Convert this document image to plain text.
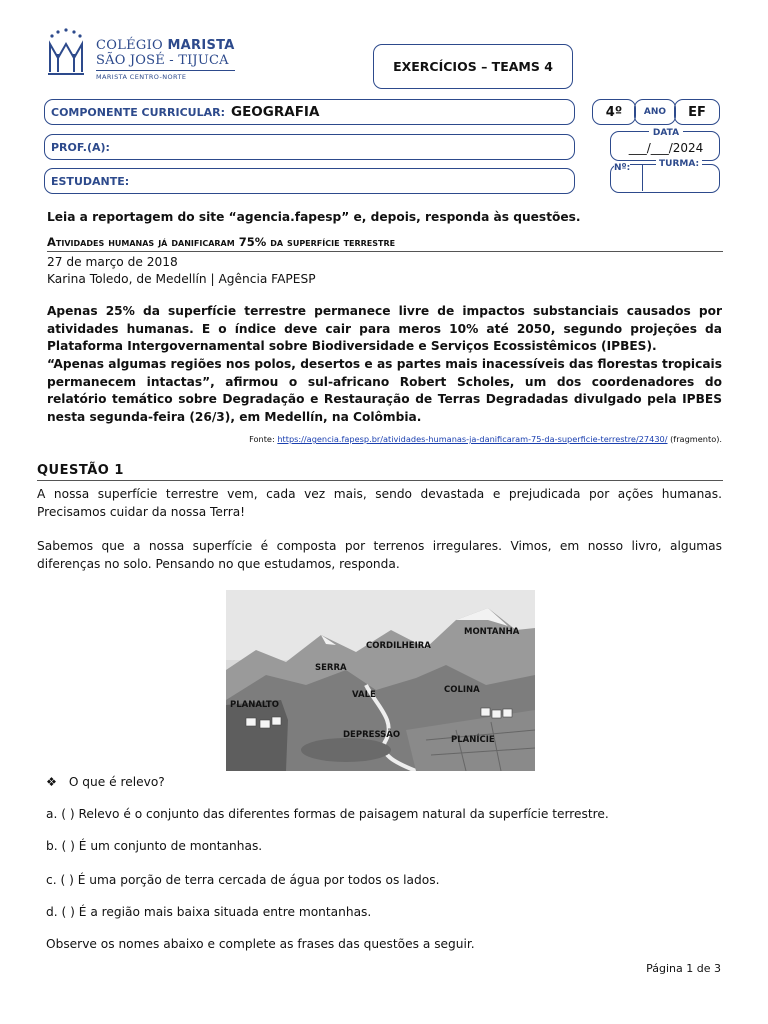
COLÉGIO MARISTA
SÃO JOSÉ - TIJUCA
MARISTA CENTRO-NORTE
EXERCÍCIOS – TEAMS 4
COMPONENTE CURRICULAR: GEOGRAFIA
PROF.(A):
ESTUDANTE:
4º ANO EF
DATA
___/___/2024
Nº:	TURMA:
Leia a reportagem do site “agencia.fapesp” e, depois, responda às questões.
Atividades humanas já danificaram 75% da superfície terrestre
27 de março de 2018
Karina Toledo, de Medellín | Agência FAPESP
Apenas 25% da superfície terrestre permanece livre de impactos substanciais causados por atividades humanas. E o índice deve cair para meros 10% até 2050, segundo projeções da Plataforma Intergovernamental sobre Biodiversidade e Serviços Ecossistêmicos (IPBES).
“Apenas algumas regiões nos polos, desertos e as partes mais inacessíveis das florestas tropicais permanecem intactas”, afirmou o sul-africano Robert Scholes, um dos coordenadores do relatório temático sobre Degradação e Restauração de Terras Degradadas divulgado pela IPBES nesta segunda-feira (26/3), em Medellín, na Colômbia.
Fonte: https://agencia.fapesp.br/atividades-humanas-ja-danificaram-75-da-superficie-terrestre/27430/ (fragmento).
QUESTÃO 1
A nossa superfície terrestre vem, cada vez mais, sendo devastada e prejudicada por ações humanas. Precisamos cuidar da nossa Terra!
Sabemos que a nossa superfície é composta por terrenos irregulares. Vimos, em nosso livro, algumas diferenças no solo. Pensando no que estudamos, responda.
MONTANHA
CORDILHEIRA
SERRA
VALE	COLINA
PLANALTO
DEPRESSÃO	PLANÍCIE
❖ O que é relevo?
a. ( ) Relevo é o conjunto das diferentes formas de paisagem natural da superfície terrestre.
b. ( ) É um conjunto de montanhas.
c. ( ) É uma porção de terra cercada de água por todos os lados.
d. ( ) É a região mais baixa situada entre montanhas.
Observe os nomes abaixo e complete as frases das questões a seguir.
Página 1 de 3
